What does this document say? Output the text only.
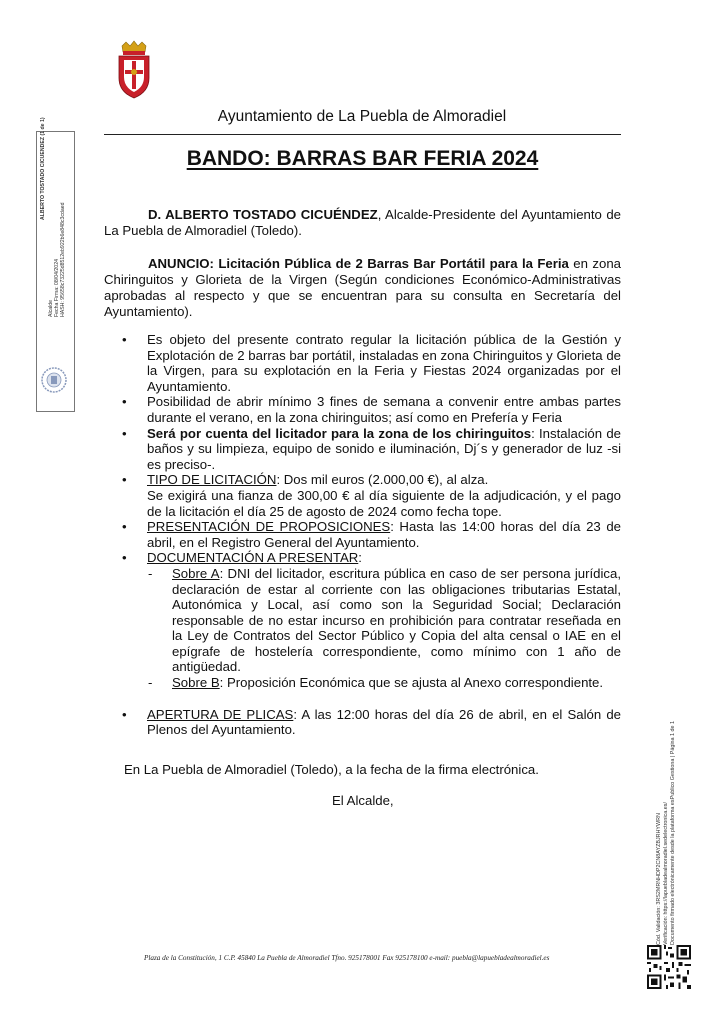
Ayuntamiento de La Puebla de Almoradiel
BANDO: BARRAS BAR FERIA 2024
D. ALBERTO TOSTADO CICUÉNDEZ, Alcalde-Presidente del Ayuntamiento de La Puebla de Almoradiel (Toledo).
ANUNCIO: Licitación Pública de 2 Barras Bar Portátil para la Feria en zona Chiringuitos y Glorieta de la Virgen (Según condiciones Económico-Administrativas aprobadas al respecto y que se encuentran para su consulta en Secretaría del Ayuntamiento).
• Es objeto del presente contrato regular la licitación pública de la Gestión y Explotación de 2 barras bar portátil, instaladas en zona Chiringuitos y Glorieta de la Virgen, para su explotación en la Feria y Fiestas 2024 organizadas por el Ayuntamiento.
• Posibilidad de abrir mínimo 3 fines de semana a convenir entre ambas partes durante el verano, en la zona chiringuitos; así como en Prefería y Feria
• Será por cuenta del licitador para la zona de los chiringuitos: Instalación de baños y su limpieza, equipo de sonido e iluminación, Dj´s y generador de luz -si es preciso-.
• TIPO DE LICITACIÓN: Dos mil euros (2.000,00 €), al alza.
Se exigirá una fianza de 300,00 € al día siguiente de la adjudicación, y el pago de la licitación el día 25 de agosto de 2024 como fecha tope.
• PRESENTACIÓN DE PROPOSICIONES: Hasta las 14:00 horas del día 23 de abril, en el Registro General del Ayuntamiento.
• DOCUMENTACIÓN A PRESENTAR:
- Sobre A: DNI del licitador, escritura pública en caso de ser persona jurídica, declaración de estar al corriente con las obligaciones tributarias Estatal, Autonómica y Local, así como son la Seguridad Social; Declaración responsable de no estar incurso en prohibición para contratar reseñada en la Ley de Contratos del Sector Público y Copia del alta censal o IAE en el epígrafe de hostelería correspondiente, como mínimo con 1 año de antigüedad.
- Sobre B: Proposición Económica que se ajusta al Anexo correspondiente.
• APERTURA DE PLICAS: A las 12:00 horas del día 26 de abril, en el Salón de Plenos del Ayuntamiento.
En La Puebla de Almoradiel (Toledo), a la fecha de la firma electrónica.
El Alcalde,
Plaza de la Constitución, 1 C.P. 45840 La Puebla de Almoradiel Tfno. 925178001 Fax 925178100 e-mail: puebla@lapuebladealmoradiel.es
ALBERTO TOSTADO CICUENDEZ (1 de 1)
Alcalde Fecha Firma: 08/04/2024 HASH: 95658c73225d8512eb922b6e848c3cdaed
Cód. Validación: 3RS2MRNHDP2CN8AYZBJRHYWRN Verificación: https://lapuebladealmoradiel.sedelectronica.es/ Documento firmado electrónicamente desde la plataforma esPublico Gestiona | Página 1 de 1
